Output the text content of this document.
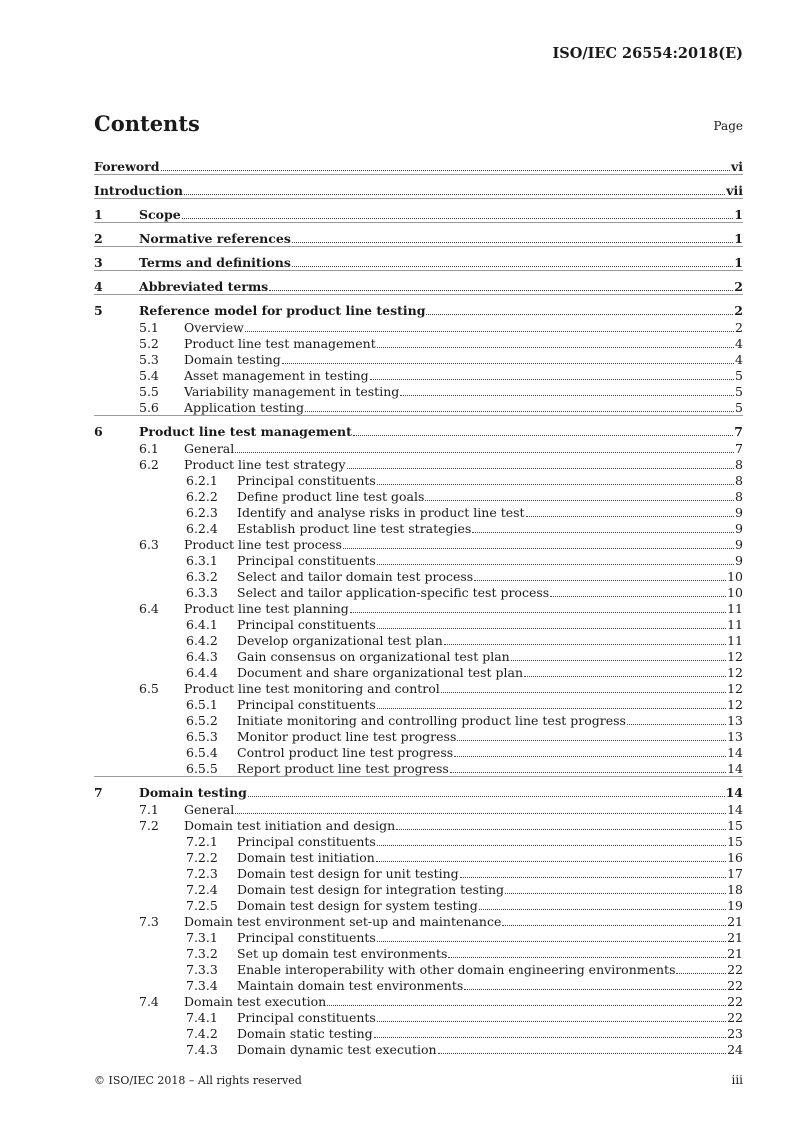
ISO/IEC 26554:2018(E)
Contents	Page
Foreword	vi
Introduction	vii
1	Scope	1
2	Normative references	1
3	Terms and definitions	1
4	Abbreviated terms	2
5	Reference model for product line testing	2
5.1	Overview	2
5.2	Product line test management	4
5.3	Domain testing	4
5.4	Asset management in testing	5
5.5	Variability management in testing	5
5.6	Application testing	5
6	Product line test management	7
6.1	General	7
6.2	Product line test strategy	8
6.2.1	Principal constituents	8
6.2.2	Define product line test goals	8
6.2.3	Identify and analyse risks in product line test	9
6.2.4	Establish product line test strategies	9
6.3	Product line test process	9
6.3.1	Principal constituents	9
6.3.2	Select and tailor domain test process	10
6.3.3	Select and tailor application-specific test process	10
6.4	Product line test planning	11
6.4.1	Principal constituents	11
6.4.2	Develop organizational test plan	11
6.4.3	Gain consensus on organizational test plan	12
6.4.4	Document and share organizational test plan	12
6.5	Product line test monitoring and control	12
6.5.1	Principal constituents	12
6.5.2	Initiate monitoring and controlling product line test progress	13
6.5.3	Monitor product line test progress	13
6.5.4	Control product line test progress	14
6.5.5	Report product line test progress	14
7	Domain testing	14
7.1	General	14
7.2	Domain test initiation and design	15
7.2.1	Principal constituents	15
7.2.2	Domain test initiation	16
7.2.3	Domain test design for unit testing	17
7.2.4	Domain test design for integration testing	18
7.2.5	Domain test design for system testing	19
7.3	Domain test environment set-up and maintenance	21
7.3.1	Principal constituents	21
7.3.2	Set up domain test environments	21
7.3.3	Enable interoperability with other domain engineering environments	22
7.3.4	Maintain domain test environments	22
7.4	Domain test execution	22
7.4.1	Principal constituents	22
7.4.2	Domain static testing	23
7.4.3	Domain dynamic test execution	24
© ISO/IEC 2018 – All rights reserved	iii
